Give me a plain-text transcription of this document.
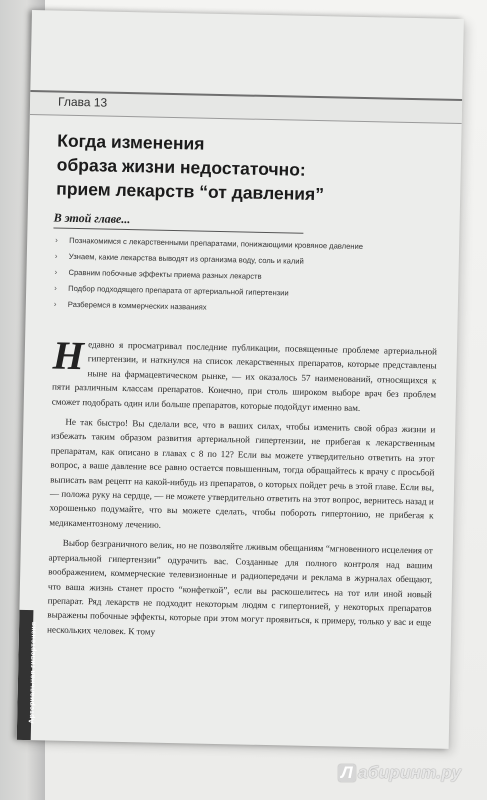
Артериальная гипертензия
Глава 13
Когда изменения
образа жизни недостаточно:
прием лекарств “от давления”
В этой главе...
› Познакомимся с лекарственными препаратами, понижающими кровяное давление
› Узнаем, какие лекарства выводят из организма воду, соль и калий
› Сравним побочные эффекты приема разных лекарств
› Подбор подходящего препарата от артериальной гипертензии
› Разберемся в коммерческих названиях

Недавно я просматривал последние публикации, посвященные проблеме артериальной гипертензии, и наткнулся на список лекарственных препаратов, которые представлены ныне на фармацевтическом рынке, — их оказалось 57 наименований, относящихся к пяти различным классам препаратов. Конечно, при столь широком выборе врач без проблем сможет подобрать один или больше препаратов, которые подойдут именно вам.

Не так быстро! Вы сделали все, что в ваших силах, чтобы изменить свой образ жизни и избежать таким образом развития артериальной гипертензии, не прибегая к лекарственным препаратам, как описано в главах с 8 по 12? Если вы можете утвердительно ответить на этот вопрос, а ваше давление все равно остается повышенным, тогда обращайтесь к врачу с просьбой выписать вам рецепт на какой-нибудь из препаратов, о которых пойдет речь в этой главе. Если вы, — положа руку на сердце, — не можете утвердительно ответить на этот вопрос, вернитесь назад и хорошенько подумайте, что вы можете сделать, чтобы побороть гипертонию, не прибегая к медикаментозному лечению.

Выбор безграничного велик, но не позволяйте лживым обещаниям “мгновенного исцеления от артериальной гипертензии” одурачить вас. Созданные для полного контроля над вашим воображением, коммерческие телевизионные и радиопередачи и реклама в журналах обещают, что ваша жизнь станет просто “конфеткой”, если вы раскошелитесь на тот или иной новый препарат. Ряд лекарств не подходит некоторым людям с гипертонией, у некоторых препаратов выражены побочные эффекты, которые при этом могут проявиться, к примеру, только у вас и еще нескольких человек. К тому

Л абиринт.ру
